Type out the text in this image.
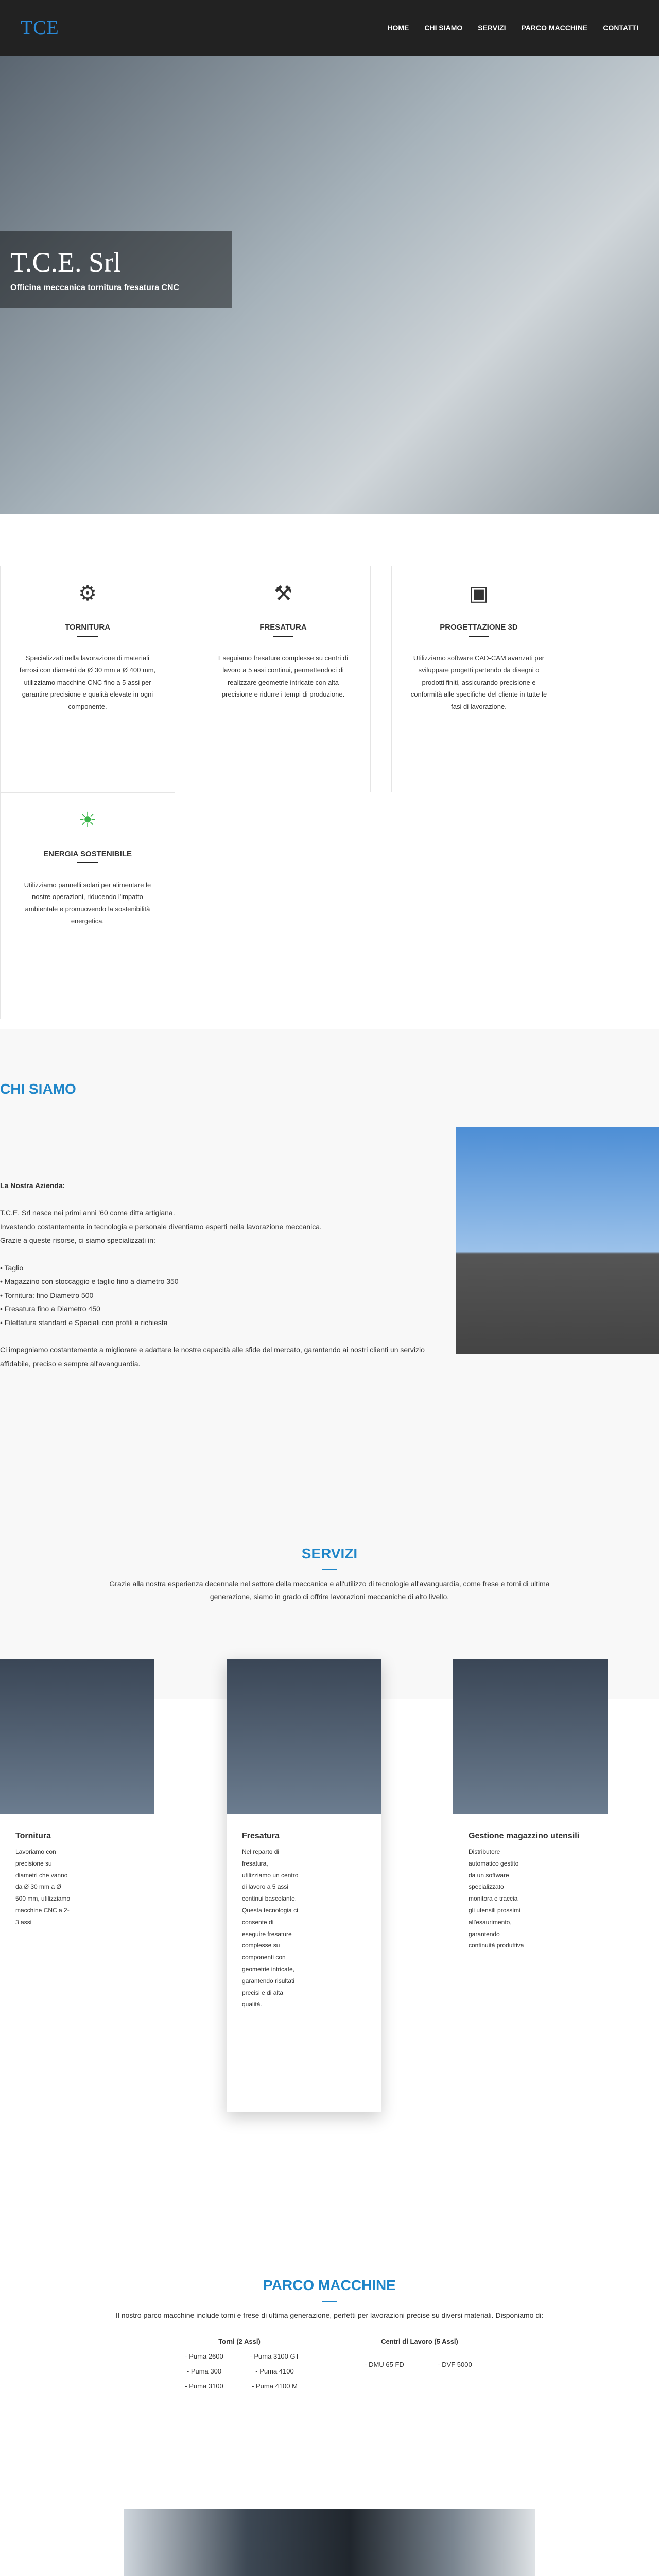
TCE	HOME CHI SIAMO SERVIZI PARCO MACCHINE CONTATTI
T.C.E. Srl

Officina meccanica tornitura fresatura CNC

⚙
TORNITURA

Specializzati nella lavorazione di materiali ferrosi con diametri da Ø 30 mm a Ø 400 mm, utilizziamo macchine CNC fino a 5 assi per garantire precisione e qualità elevate in ogni componente.

⚒
FRESATURA

Eseguiamo fresature complesse su centri di lavoro a 5 assi continui, permettendoci di realizzare geometrie intricate con alta precisione e ridurre i tempi di produzione.

▣
PROGETTAZIONE 3D

Utilizziamo software CAD-CAM avanzati per sviluppare progetti partendo da disegni o prodotti finiti, assicurando precisione e conformità alle specifiche del cliente in tutte le fasi di lavorazione.

☀
ENERGIA SOSTENIBILE

Utilizziamo pannelli solari per alimentare le nostre operazioni, riducendo l'impatto ambientale e promuovendo la sostenibilità energetica.

CHI SIAMO
La Nostra Azienda:

T.C.E. Srl nasce nei primi anni '60 come ditta artigiana.
Investendo costantemente in tecnologia e personale diventiamo esperti nella lavorazione meccanica.
Grazie a queste risorse, ci siamo specializzati in:

• Taglio
• Magazzino con stoccaggio e taglio fino a diametro 350
• Tornitura: fino Diametro 500
• Fresatura fino a Diametro 450
• Filettatura standard e Speciali con profili a richiesta

Ci impegniamo costantemente a migliorare e adattare le nostre capacità alle sfide del mercato, garantendo ai nostri clienti un servizio affidabile, preciso e sempre all'avanguardia.
SERVIZI

Grazie alla nostra esperienza decennale nel settore della meccanica e all'utilizzo di tecnologie all'avanguardia, come frese e torni di ultima generazione, siamo in grado di offrire lavorazioni meccaniche di alto livello.

Tornitura

Lavoriamo con precisione su diametri che vanno da Ø 30 mm a Ø 500 mm, utilizziamo macchine CNC a 2-3 assi

Fresatura

Nel reparto di fresatura, utilizziamo un centro di lavoro a 5 assi continui bascolante. Questa tecnologia ci consente di eseguire fresature complesse su componenti con geometrie intricate, garantendo risultati precisi e di alta qualità.

Gestione magazzino utensili

Distributore automatico gestito da un software specializzato monitora e traccia gli utensili prossimi all'esaurimento, garantendo continuità produttiva

PARCO MACCHINE

Il nostro parco macchine include torni e frese di ultima generazione, perfetti per lavorazioni precise su diversi materiali. Disponiamo di:

Torni (2 Assi)
- Puma 2600	- Puma 3100 GT
- Puma 300	- Puma 4100
- Puma 3100	- Puma 4100 M
Centri di Lavoro (5 Assi)
- DMU 65 FD	- DVF 5000
